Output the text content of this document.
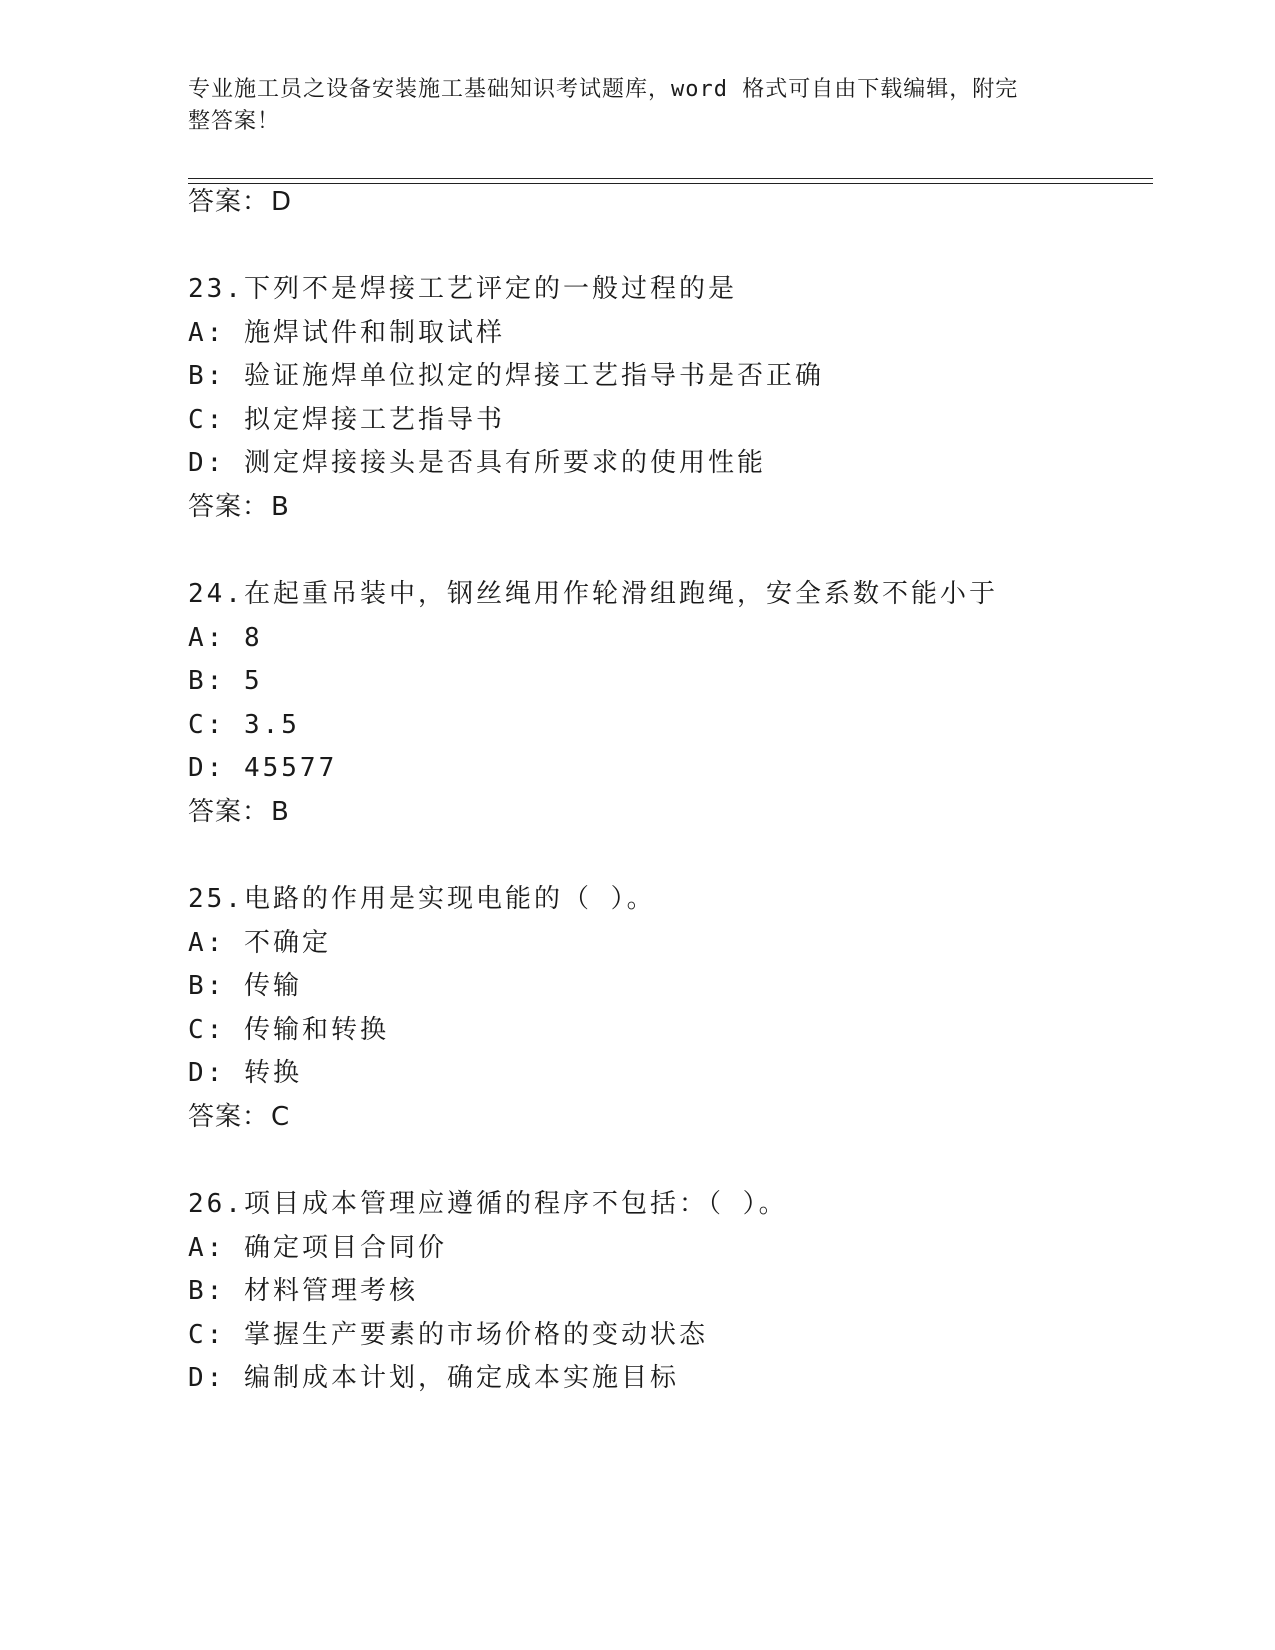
专业施工员之设备安装施工基础知识考试题库，word 格式可自由下载编辑，附完
整答案！
答案：D
23.下列不是焊接工艺评定的一般过程的是
A: 施焊试件和制取试样
B: 验证施焊单位拟定的焊接工艺指导书是否正确
C: 拟定焊接工艺指导书
D: 测定焊接接头是否具有所要求的使用性能
答案：B
24.在起重吊装中，钢丝绳用作轮滑组跑绳，安全系数不能小于
A: 8
B: 5
C: 3.5
D: 45577
答案：B
25.电路的作用是实现电能的（ ）。
A: 不确定
B: 传输
C: 传输和转换
D: 转换
答案：C
26.项目成本管理应遵循的程序不包括：（ ）。
A: 确定项目合同价
B: 材料管理考核
C: 掌握生产要素的市场价格的变动状态
D: 编制成本计划，确定成本实施目标
